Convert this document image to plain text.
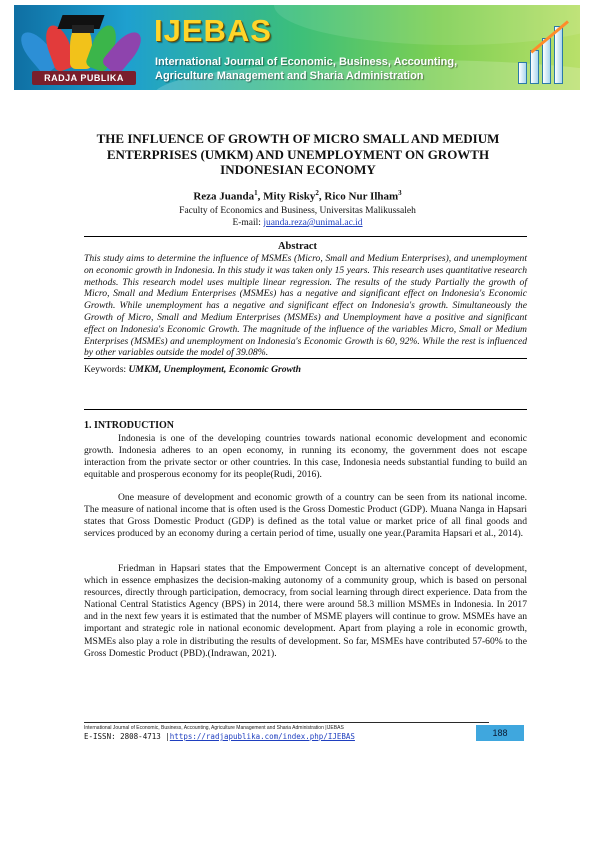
RADJA PUBLIKA
IJEBAS
International Journal of Economic, Business, Accounting, Agriculture Management and Sharia Administration
THE INFLUENCE OF GROWTH OF MICRO SMALL AND MEDIUM ENTERPRISES (UMKM) AND UNEMPLOYMENT ON GROWTH INDONESIAN ECONOMY
Reza Juanda$^1$, Mity Risky$^2$, Rico Nur Ilham$^3$
Faculty of Economics and Business, Universitas Malikussaleh
E-mail: juanda.reza@unimal.ac.id
Abstract
This study aims to determine the influence of MSMEs (Micro, Small and Medium Enterprises), and unemployment on economic growth in Indonesia. In this study it was taken only 15 years. This research uses quantitative research methods. This research model uses multiple linear regression. The results of the study Partially the growth of Micro, Small and Medium Enterprises (MSMEs) has a negative and significant effect on Indonesia's Economic Growth. While unemployment has a negative and significant effect on Indonesia's growth. Simultaneously the Growth of Micro, Small and Medium Enterprises (MSMEs) and Unemployment have a positive and significant effect on Indonesia's Economic Growth. The magnitude of the influence of the variables Micro, Small or Medium Enterprises (MSMEs) and unemployment on Indonesia's Economic Growth is 60, 92%. While the rest is influenced by other variables outside the model of 39.08%.
Keywords: UMKM, Unemployment, Economic Growth
1. INTRODUCTION
Indonesia is one of the developing countries towards national economic development and economic growth. Indonesia adheres to an open economy, in running its economy, the government does not escape interaction from the private sector or other countries. In this case, Indonesia needs substantial funding to build an equitable and prosperous economy for its people(Rudi, 2016).
One measure of development and economic growth of a country can be seen from its national income. The measure of national income that is often used is the Gross Domestic Product (GDP). Muana Nanga in Hapsari states that Gross Domestic Product (GDP) is defined as the total value or market price of all final goods and services produced by an economy during a certain period of time, usually one year.(Paramita Hapsari et al., 2014).
Friedman in Hapsari states that the Empowerment Concept is an alternative concept of development, which in essence emphasizes the decision-making autonomy of a community group, which is based on personal resources, directly through participation, democracy, from social learning through direct experience. Data from the National Central Statistics Agency (BPS) in 2014, there were around 58.3 million MSMEs in Indonesia. In 2017 and in the next few years it is estimated that the number of MSME players will continue to grow. MSMEs have an important and strategic role in national economic development. Apart from playing a role in economic growth, MSMEs also play a role in distributing the results of development. So far, MSMEs have contributed 57-60% to the Gross Domestic Product (PBD).(Indrawan, 2021).
International Journal of Economic, Business, Accounting, Agriculture Management and Sharia Administration |IJEBAS
E-ISSN: 2808-4713 |https://radjapublika.com/index.php/IJEBAS	188
